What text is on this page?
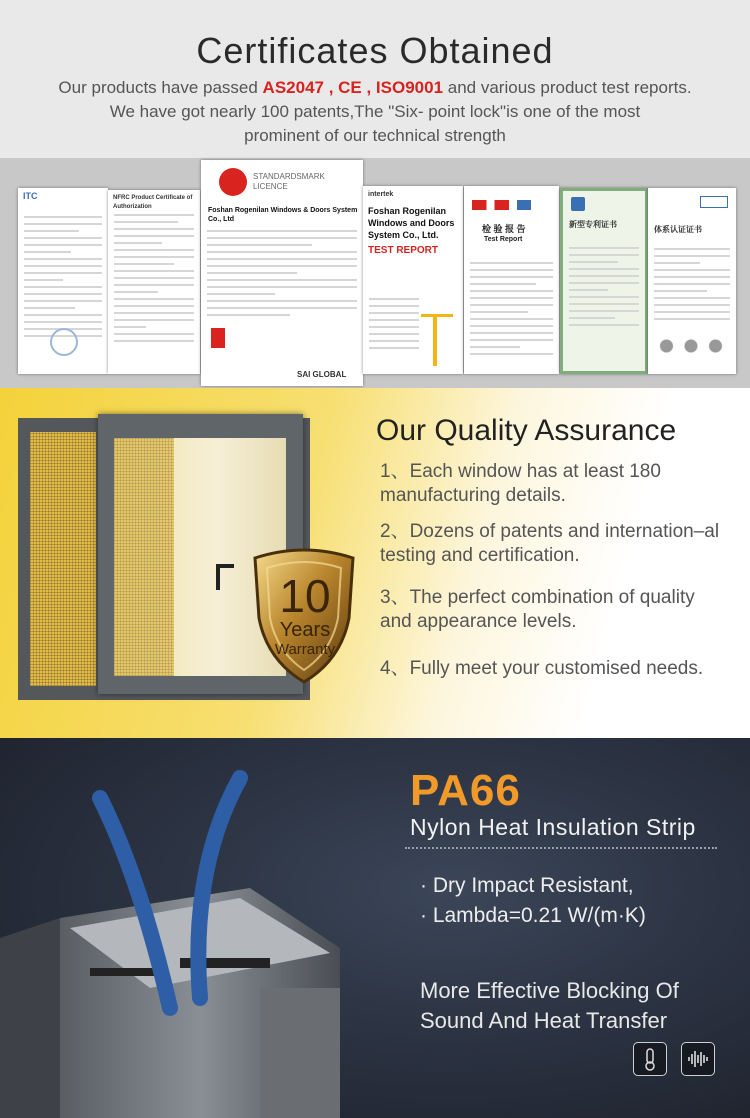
Certificates Obtained
Our products have passed AS2047 , CE , ISO9001 and various product test reports.
We have got nearly 100 patents,The "Six- point lock"is one of the most
prominent of our technical strength
ITC	NFRC Product Certificate of Authorization
STANDARDSMARK LICENCE
Foshan Rogenilan Windows & Doors System Co., Ltd
SAI GLOBAL
intertek
Foshan Rogenilan Windows and Doors System Co., Ltd.
TEST REPORT
检 验 报 告
Test Report
新型专利证书
体系认证证书
10
Years
Warranty
Our Quality Assurance
1、Each window has at least 180 manufacturing details.
2、Dozens of patents and internation–al testing and certification.
3、The perfect combination of quality and appearance levels.
4、Fully meet your customised needs.
PA66
Nylon Heat Insulation Strip
· Dry Impact Resistant,
· Lambda=0.21 W/(m·K)
More Effective Blocking Of Sound And Heat Transfer
